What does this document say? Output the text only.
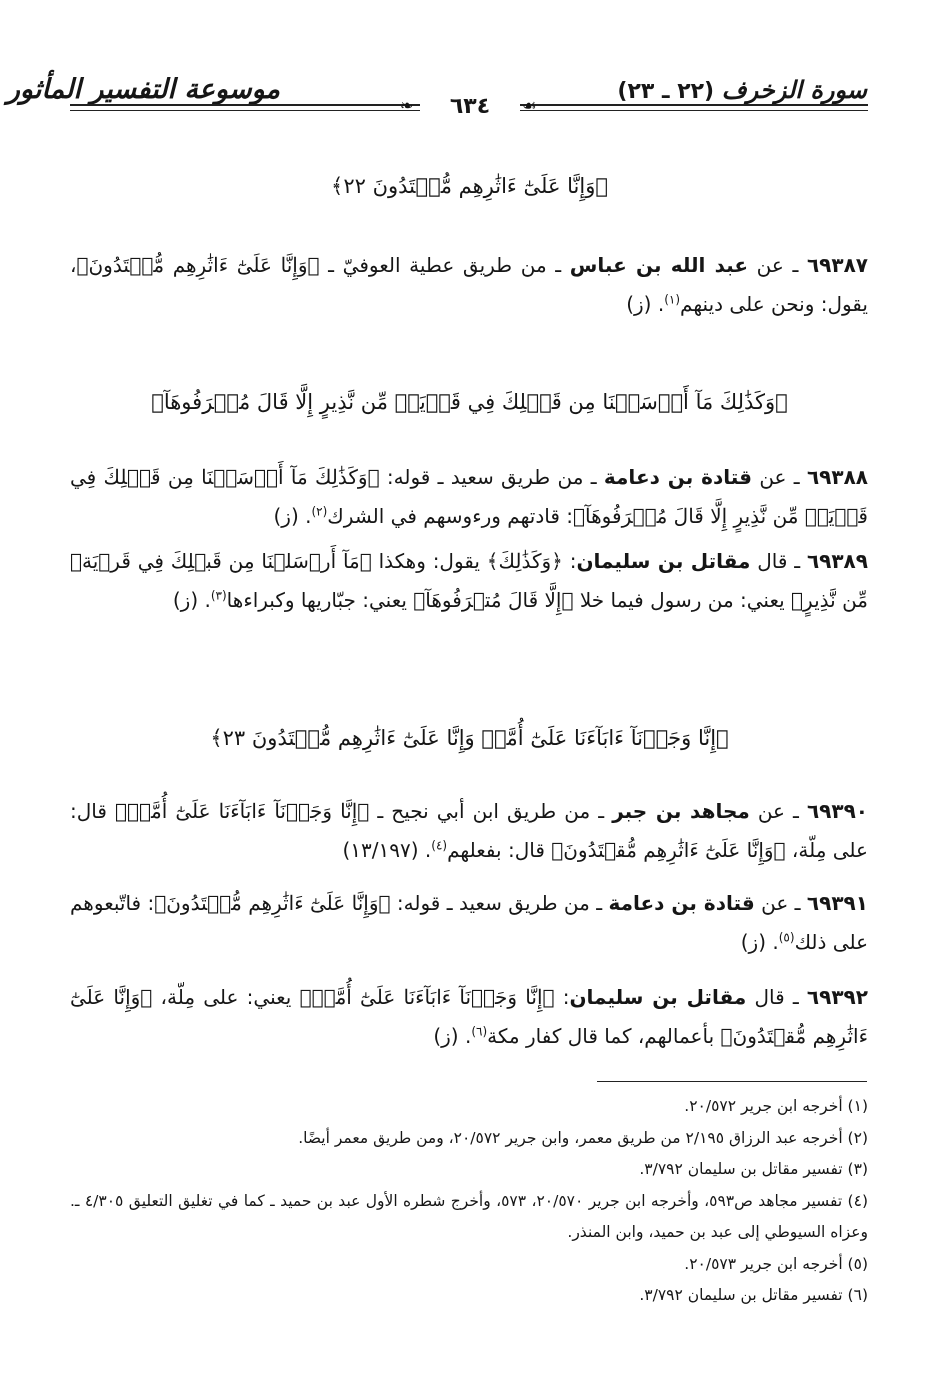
سورة الزخرف (٢٢ ـ ٢٣)
موسوعة التفسير المأثور
❧	٦٣٤	☙
﴿وَإِنَّا عَلَىٰٓ ءَاثَٰرِهِم مُّهۡتَدُونَ ٢٢﴾
٦٩٣٨٧ ـ عن عبد الله بن عباس ـ من طريق عطية العوفيّ ـ ﴿وَإِنَّا عَلَىٰٓ ءَاثَٰرِهِم مُّهۡتَدُونَ﴾، يقول: ونحن على دينهم$^{(١)}$. (ز)
﴿وَكَذَٰلِكَ مَآ أَرۡسَلۡنَا مِن قَبۡلِكَ فِي قَرۡيَةٖ مِّن نَّذِيرٍ إِلَّا قَالَ مُتۡرَفُوهَآ﴾
٦٩٣٨٨ ـ عن قتادة بن دعامة ـ من طريق سعيد ـ قوله: ﴿وَكَذَٰلِكَ مَآ أَرۡسَلۡنَا مِن قَبۡلِكَ فِي قَرۡيَةٖ مِّن نَّذِيرٍ إِلَّا قَالَ مُتۡرَفُوهَآ﴾: قادتهم ورءوسهم في الشرك$^{(٢)}$. (ز)
٦٩٣٨٩ ـ قال مقاتل بن سليمان: ﴿وَكَذَٰلِكَ﴾ يقول: وهكذا ﴿مَآ أَرۡسَلۡنَا مِن قَبۡلِكَ فِي قَرۡيَةٖ مِّن نَّذِيرٍ﴾ يعني: من رسول فيما خلا ﴿إِلَّا قَالَ مُتۡرَفُوهَآ﴾ يعني: جبّاريها وكبراءها$^{(٣)}$. (ز)
﴿إِنَّا وَجَدۡنَآ ءَابَآءَنَا عَلَىٰٓ أُمَّةٖ وَإِنَّا عَلَىٰٓ ءَاثَٰرِهِم مُّقۡتَدُونَ ٢٣﴾
٦٩٣٩٠ ـ عن مجاهد بن جبر ـ من طريق ابن أبي نجيح ـ ﴿إِنَّا وَجَدۡنَآ ءَابَآءَنَا عَلَىٰٓ أُمَّةٖ﴾ قال: على مِلّة، ﴿وَإِنَّا عَلَىٰٓ ءَاثَٰرِهِم مُّقۡتَدُونَ﴾ قال: بفعلهم$^{(٤)}$. (١٣/١٩٧)
٦٩٣٩١ ـ عن قتادة بن دعامة ـ من طريق سعيد ـ قوله: ﴿وَإِنَّا عَلَىٰٓ ءَاثَٰرِهِم مُّقۡتَدُونَ﴾: فاتّبعوهم على ذلك$^{(٥)}$. (ز)
٦٩٣٩٢ ـ قال مقاتل بن سليمان: ﴿إِنَّا وَجَدۡنَآ ءَابَآءَنَا عَلَىٰٓ أُمَّةٖ﴾ يعني: على مِلّة، ﴿وَإِنَّا عَلَىٰٓ ءَاثَٰرِهِم مُّقۡتَدُونَ﴾ بأعمالهم، كما قال كفار مكة$^{(٦)}$. (ز)
(١) أخرجه ابن جرير ٢٠/٥٧٢.
(٢) أخرجه عبد الرزاق ٢/١٩٥ من طريق معمر، وابن جرير ٢٠/٥٧٢، ومن طريق معمر أيضًا.
(٣) تفسير مقاتل بن سليمان ٣/٧٩٢.
(٤) تفسير مجاهد ص٥٩٣، وأخرجه ابن جرير ٢٠/٥٧٠، ٥٧٣، وأخرج شطره الأول عبد بن حميد ـ كما في تغليق التعليق ٤/٣٠٥ ـ. وعزاه السيوطي إلى عبد بن حميد، وابن المنذر.
(٥) أخرجه ابن جرير ٢٠/٥٧٣.
(٦) تفسير مقاتل بن سليمان ٣/٧٩٢.
